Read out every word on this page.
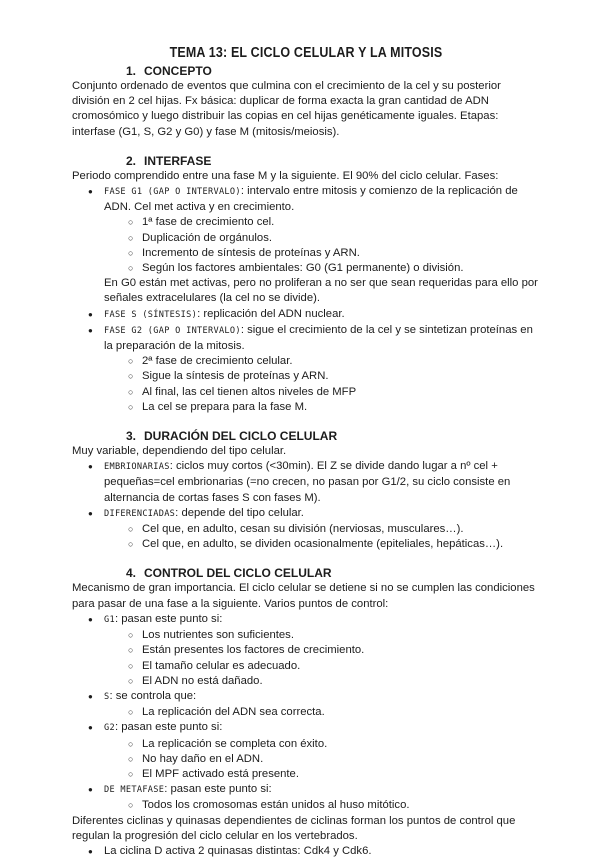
TEMA 13: EL CICLO CELULAR Y LA MITOSIS
1. CONCEPTO

Conjunto ordenado de eventos que culmina con el crecimiento de la cel y su posterior división en 2 cel hijas. Fx básica: duplicar de forma exacta la gran cantidad de ADN cromosómico y luego distribuir las copias en cel hijas genéticamente iguales. Etapas: interfase (G1, S, G2 y G0) y fase M (mitosis/meiosis).

2. INTERFASE

Periodo comprendido entre una fase M y la siguiente. El 90% del ciclo celular. Fases:

● FASE G1 (GAP O INTERVALO): intervalo entre mitosis y comienzo de la replicación de ADN. Cel met activa y en crecimiento.
○ 1ª fase de crecimiento cel.
○ Duplicación de orgánulos.
○ Incremento de síntesis de proteínas y ARN.
○ Según los factores ambientales: G0 (G1 permanente) o división.
En G0 están met activas, pero no proliferan a no ser que sean requeridas para ello por señales extracelulares (la cel no se divide).
● FASE S (SÍNTESIS): replicación del ADN nuclear.
● FASE G2 (GAP O INTERVALO): sigue el crecimiento de la cel y se sintetizan proteínas en la preparación de la mitosis.
○ 2ª fase de crecimiento celular.
○ Sigue la síntesis de proteínas y ARN.
○ Al final, las cel tienen altos niveles de MFP
○ La cel se prepara para la fase M.
3. DURACIÓN DEL CICLO CELULAR

Muy variable, dependiendo del tipo celular.

● EMBRIONARIAS: ciclos muy cortos (<30min). El Z se divide dando lugar a nº cel + pequeñas=cel embrionarias (=no crecen, no pasan por G1/2, su ciclo consiste en alternancia de cortas fases S con fases M).
● DIFERENCIADAS: depende del tipo celular.
○ Cel que, en adulto, cesan su división (nerviosas, musculares…).
○ Cel que, en adulto, se dividen ocasionalmente (epiteliales, hepáticas…).
4. CONTROL DEL CICLO CELULAR

Mecanismo de gran importancia. El ciclo celular se detiene si no se cumplen las condiciones para pasar de una fase a la siguiente. Varios puntos de control:

● G1: pasan este punto si:
○ Los nutrientes son suficientes.
○ Están presentes los factores de crecimiento.
○ El tamaño celular es adecuado.
○ El ADN no está dañado.
● S: se controla que:
○ La replicación del ADN sea correcta.
● G2: pasan este punto si:
○ La replicación se completa con éxito.
○ No hay daño en el ADN.
○ El MPF activado está presente.
● DE METAFASE: pasan este punto si:
○ Todos los cromosomas están unidos al huso mitótico.

Diferentes ciclinas y quinasas dependientes de ciclinas forman los puntos de control que regulan la progresión del ciclo celular en los vertebrados.

● La ciclina D activa 2 quinasas distintas: Cdk4 y Cdk6.
